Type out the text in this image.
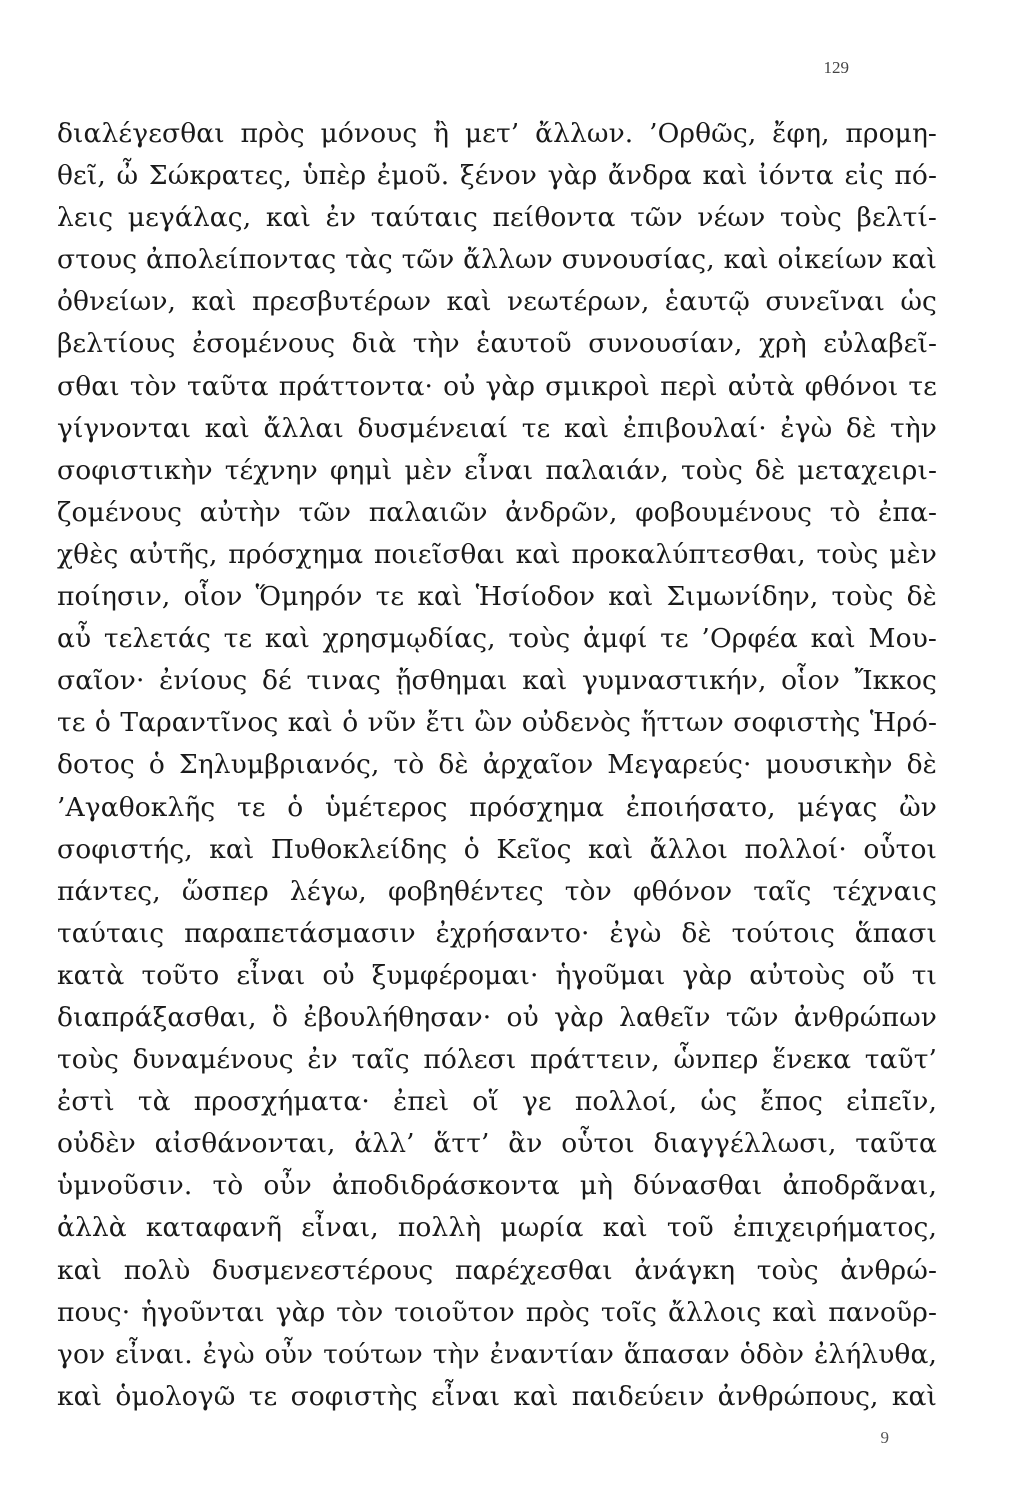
129
διαλέγεσθαι πρὸς μόνους ἢ μετ’ ἄλλων. ’Ορθῶς, ἔφη, προμη-
θεῖ, ὦ Σώκρατες, ὑπὲρ ἐμοῦ. ξένον γὰρ ἄνδρα καὶ ἰόντα εἰς πό-
λεις μεγάλας, καὶ ἐν ταύταις πείθοντα τῶν νέων τοὺς βελτί-
στους ἀπολείποντας τὰς τῶν ἄλλων συνουσίας, καὶ οἰκείων καὶ
ὀθνείων, καὶ πρεσβυτέρων καὶ νεωτέρων, ἑαυτῷ συνεῖναι ὡς
βελτίους ἐσομένους διὰ τὴν ἑαυτοῦ συνουσίαν, χρὴ εὐλαβεῖ-
σθαι τὸν ταῦτα πράττοντα· οὐ γὰρ σμικροὶ περὶ αὐτὰ φθόνοι τε
γίγνονται καὶ ἄλλαι δυσμένειαί τε καὶ ἐπιβουλαί· ἐγὼ δὲ τὴν
σοφιστικὴν τέχνην φημὶ μὲν εἶναι παλαιάν, τοὺς δὲ μεταχειρι-
ζομένους αὐτὴν τῶν παλαιῶν ἀνδρῶν, φοβουμένους τὸ ἐπα-
χθὲς αὐτῆς, πρόσχημα ποιεῖσθαι καὶ προκαλύπτεσθαι, τοὺς μὲν
ποίησιν, οἷον Ὅμηρόν τε καὶ Ἡσίοδον καὶ Σιμωνίδην, τοὺς δὲ
αὖ τελετάς τε καὶ χρησμῳδίας, τοὺς ἀμφί τε ’Ορφέα καὶ Μου-
σαῖον· ἐνίους δέ τινας ᾔσθημαι καὶ γυμναστικήν, οἷον Ἴκκος
τε ὁ Ταραντῖνος καὶ ὁ νῦν ἔτι ὢν οὐδενὸς ἥττων σοφιστὴς Ἡρό-
δοτος ὁ Σηλυμβριανός, τὸ δὲ ἀρχαῖον Μεγαρεύς· μουσικὴν δὲ
’Αγαθοκλῆς τε ὁ ὑμέτερος πρόσχημα ἐποιήσατο, μέγας ὢν
σοφιστής, καὶ Πυθοκλείδης ὁ Κεῖος καὶ ἄλλοι πολλοί· οὗτοι
πάντες, ὥσπερ λέγω, φοβηθέντες τὸν φθόνον ταῖς τέχναις
ταύταις παραπετάσμασιν ἐχρήσαντο· ἐγὼ δὲ τούτοις ἅπασι
κατὰ τοῦτο εἶναι οὐ ξυμφέρομαι· ἡγοῦμαι γὰρ αὐτοὺς οὔ τι
διαπράξασθαι, ὃ ἐβουλήθησαν· οὐ γὰρ λαθεῖν τῶν ἀνθρώπων
τοὺς δυναμένους ἐν ταῖς πόλεσι πράττειν, ὧνπερ ἕνεκα ταῦτ’
ἐστὶ τὰ προσχήματα· ἐπεὶ οἵ γε πολλοί, ὡς ἔπος εἰπεῖν,
οὐδὲν αἰσθάνονται, ἀλλ’ ἅττ’ ἂν οὗτοι διαγγέλλωσι, ταῦτα
ὑμνοῦσιν. τὸ οὖν ἀποδιδράσκοντα μὴ δύνασθαι ἀποδρᾶναι,
ἀλλὰ καταφανῆ εἶναι, πολλὴ μωρία καὶ τοῦ ἐπιχειρήματος,
καὶ πολὺ δυσμενεστέρους παρέχεσθαι ἀνάγκη τοὺς ἀνθρώ-
πους· ἡγοῦνται γὰρ τὸν τοιοῦτον πρὸς τοῖς ἄλλοις καὶ πανοῦρ-
γον εἶναι. ἐγὼ οὖν τούτων τὴν ἐναντίαν ἅπασαν ὁδὸν ἐλήλυθα,
καὶ ὁμολογῶ τε σοφιστὴς εἶναι καὶ παιδεύειν ἀνθρώπους, καὶ
9
